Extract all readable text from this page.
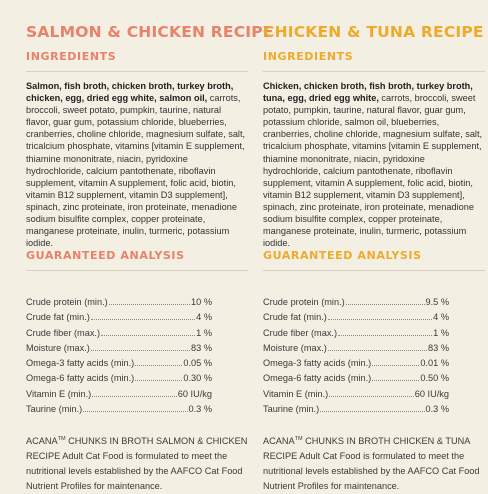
SALMON & CHICKEN RECIPE
INGREDIENTS
Salmon, fish broth, chicken broth, turkey broth, chicken, egg, dried egg white, salmon oil, carrots, broccoli, sweet potato, pumpkin, taurine, natural flavor, guar gum, potassium chloride, blueberries, cranberries, choline chloride, magnesium sulfate, salt, tricalcium phosphate, vitamins [vitamin E supplement, thiamine mononitrate, niacin, pyridoxine hydrochloride, calcium pantothenate, riboflavin supplement, vitamin A supplement, folic acid, biotin, vitamin B12 supplement, vitamin D3 supplement], spinach, zinc proteinate, iron proteinate, menadione sodium bisulfite complex, copper proteinate, manganese proteinate, inulin, turmeric, potassium iodide.
GUARANTEED ANALYSIS
Crude protein (min.)	10 %
Crude fat (min.)	4 %
Crude fiber (max.)	1 %
Moisture (max.)	83 %
Omega-3 fatty acids (min.)	0.05 %
Omega-6 fatty acids (min.)	0.30 %
Vitamin E (min.)	60 IU/kg
Taurine (min.)	0.3 %
ACANA™ CHUNKS IN BROTH SALMON & CHICKEN RECIPE Adult Cat Food is formulated to meet the nutritional levels established by the AAFCO Cat Food Nutrient Profiles for maintenance.
CHICKEN & TUNA RECIPE
INGREDIENTS
Chicken, chicken broth, fish broth, turkey broth, tuna, egg, dried egg white, carrots, broccoli, sweet potato, pumpkin, taurine, natural flavor, guar gum, potassium chloride, salmon oil, blueberries, cranberries, choline chloride, magnesium sulfate, salt, tricalcium phosphate, vitamins [vitamin E supplement, thiamine mononitrate, niacin, pyridoxine hydrochloride, calcium pantothenate, riboflavin supplement, vitamin A supplement, folic acid, biotin, vitamin B12 supplement, vitamin D3 supplement], spinach, zinc proteinate, iron proteinate, menadione sodium bisulfite complex, copper proteinate, manganese proteinate, inulin, turmeric, potassium iodide.
GUARANTEED ANALYSIS
Crude protein (min.)	9.5 %
Crude fat (min.)	4 %
Crude fiber (max.)	1 %
Moisture (max.)	83 %
Omega-3 fatty acids (min.)	0.01 %
Omega-6 fatty acids (min.)	0.50 %
Vitamin E (min.)	60 IU/kg
Taurine (min.)	0.3 %
ACANA™ CHUNKS IN BROTH CHICKEN & TUNA RECIPE Adult Cat Food is formulated to meet the nutritional levels established by the AAFCO Cat Food Nutrient Profiles for maintenance.
